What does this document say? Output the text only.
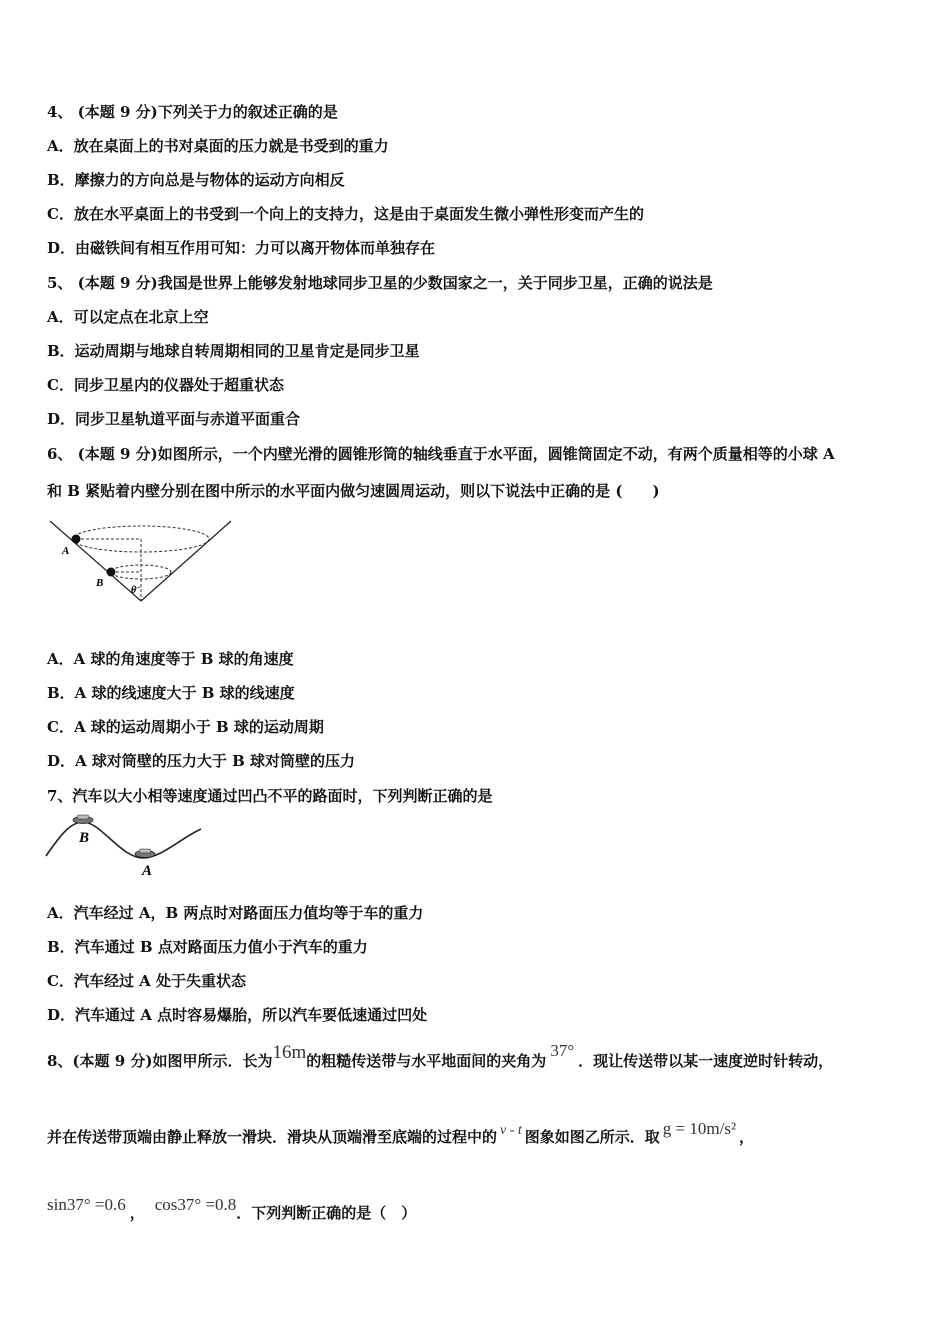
4、 (本题 9 分)下列关于力的叙述正确的是
A．放在桌面上的书对桌面的压力就是书受到的重力
B．摩擦力的方向总是与物体的运动方向相反
C．放在水平桌面上的书受到一个向上的支持力，这是由于桌面发生微小弹性形变而产生的
D．由磁铁间有相互作用可知：力可以离开物体而单独存在
5、 (本题 9 分)我国是世界上能够发射地球同步卫星的少数国家之一，关于同步卫星，正确的说法是
A．可以定点在北京上空
B．运动周期与地球自转周期相同的卫星肯定是同步卫星
C．同步卫星内的仪器处于超重状态
D．同步卫星轨道平面与赤道平面重合
6、 (本题 9 分)如图所示，一个内壁光滑的圆锥形筒的轴线垂直于水平面，圆锥筒固定不动，有两个质量相等的小球 A
和 B 紧贴着内壁分别在图中所示的水平面内做匀速圆周运动，则以下说法中正确的是 (　　)
A
B
θ
A．A 球的角速度等于 B 球的角速度
B．A 球的线速度大于 B 球的线速度
C．A 球的运动周期小于 B 球的运动周期
D．A 球对筒壁的压力大于 B 球对筒壁的压力
7、汽车以大小相等速度通过凹凸不平的路面时，下列判断正确的是
B
A
A．汽车经过 A，B 两点时对路面压力值均等于车的重力
B．汽车通过 B 点对路面压力值小于汽车的重力
C．汽车经过 A 处于失重状态
D．汽车通过 A 点时容易爆胎，所以汽车要低速通过凹处
8、(本题 9 分)如图甲所示．长为16m的粗糙传送带与水平地面间的夹角为37°．现让传送带以某一速度逆时针转动，
并在传送带顶端由静止释放一滑块．滑块从顶端滑至底端的过程中的 v - t 图象如图乙所示．取 g = 10m/s² ，
sin37° =0.6 ， cos37° =0.8．下列判断正确的是（　）
